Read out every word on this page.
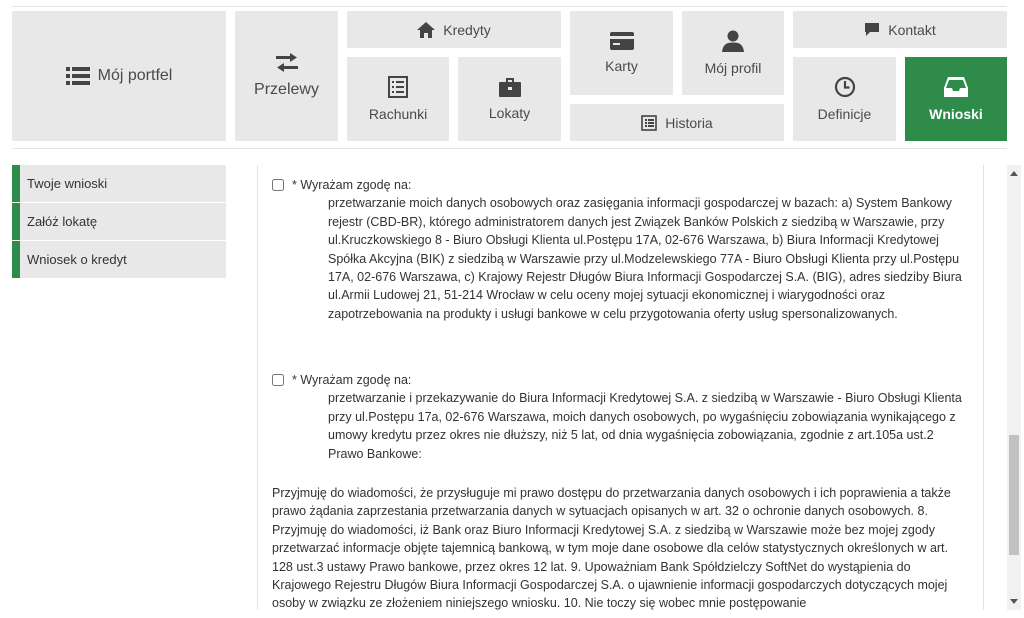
Mój portfel
Przelewy
Kredyty
Rachunki	Lokaty
Karty
Historia
Mój profil
Kontakt
Definicje	Wnioski
Twoje wnioski
Załóż lokatę
Wniosek o kredyt
* Wyrażam zgodę na:
przetwarzanie moich danych osobowych oraz zasięgania informacji gospodarczej w bazach: a) System Bankowy rejestr (CBD-BR), którego administratorem danych jest Związek Banków Polskich z siedzibą w Warszawie, przy ul.Kruczkowskiego 8 - Biuro Obsługi Klienta ul.Postępu 17A, 02-676 Warszawa, b) Biura Informacji Kredytowej Spółka Akcyjna (BIK) z siedzibą w Warszawie przy ul.Modzelewskiego 77A - Biuro Obsługi Klienta przy ul.Postępu 17A, 02-676 Warszawa, c) Krajowy Rejestr Długów Biura Informacji Gospodarczej S.A. (BIG), adres siedziby Biura ul.Armii Ludowej 21, 51-214 Wrocław w celu oceny mojej sytuacji ekonomicznej i wiarygodności oraz zapotrzebowania na produkty i usługi bankowe w celu przygotowania oferty usług spersonalizowanych.
* Wyrażam zgodę na:
przetwarzanie i przekazywanie do Biura Informacji Kredytowej S.A. z siedzibą w Warszawie - Biuro Obsługi Klienta przy ul.Postępu 17a, 02-676 Warszawa, moich danych osobowych, po wygaśnięciu zobowiązania wynikającego z umowy kredytu przez okres nie dłuższy, niż 5 lat, od dnia wygaśnięcia zobowiązania, zgodnie z art.105a ust.2 Prawo Bankowe:
Przyjmuję do wiadomości, że przysługuje mi prawo dostępu do przetwarzania danych osobowych i ich poprawienia a także prawo żądania zaprzestania przetwarzania danych w sytuacjach opisanych w art. 32 o ochronie danych osobowych. 8. Przyjmuję do wiadomości, iż Bank oraz Biuro Informacji Kredytowej S.A. z siedzibą w Warszawie może bez mojej zgody przetwarzać informacje objęte tajemnicą bankową, w tym moje dane osobowe dla celów statystycznych określonych w art. 128 ust.3 ustawy Prawo bankowe, przez okres 12 lat. 9. Upoważniam Bank Spółdzielczy SoftNet do wystąpienia do Krajowego Rejestru Długów Biura Informacji Gospodarczej S.A. o ujawnienie informacji gospodarczych dotyczących mojej osoby w związku ze złożeniem niniejszego wniosku. 10. Nie toczy się wobec mnie postępowanie
